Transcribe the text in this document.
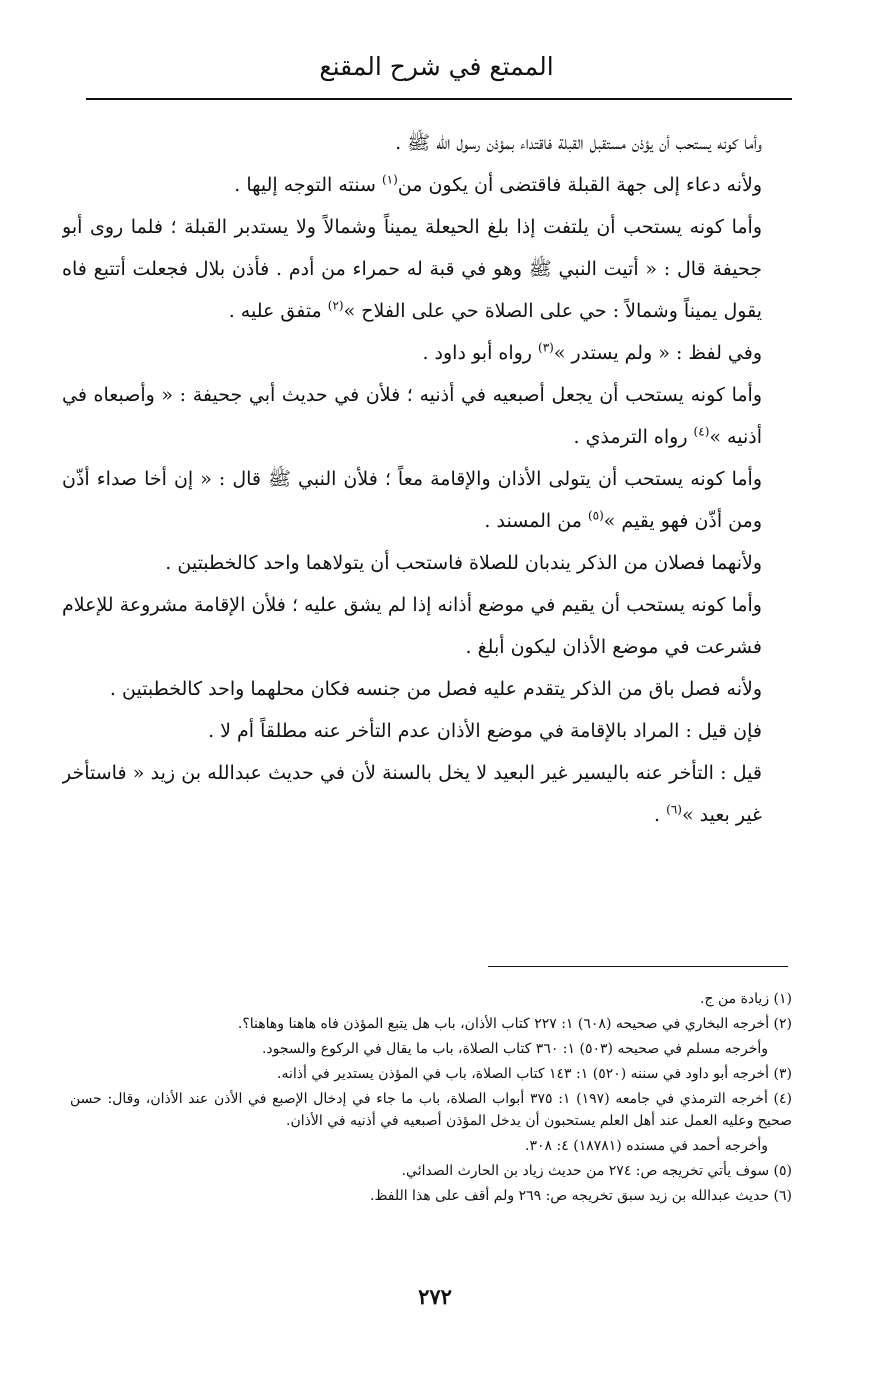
الممتع في شرح المقنع

وأما كونه يستحب أن يؤذن مستقبل القبلة فاقتداء بمؤذن رسول الله ﷺ .

ولأنه دعاء إلى جهة القبلة فاقتضى أن يكون من$^{(١)}$ سنته التوجه إليها .

وأما كونه يستحب أن يلتفت إذا بلغ الحيعلة يميناً وشمالاً ولا يستدبر القبلة ؛ فلما روى أبو جحيفة قال : « أتيت النبي ﷺ وهو في قبة له حمراء من أدم . فأذن بلال فجعلت أتتبع فاه يقول يميناً وشمالاً : حي على الصلاة حي على الفلاح »$^{(٢)}$ متفق عليه .

وفي لفظ : « ولم يستدر »$^{(٣)}$ رواه أبو داود .

وأما كونه يستحب أن يجعل أصبعيه في أذنيه ؛ فلأن في حديث أبي جحيفة : « وأصبعاه في أذنيه »$^{(٤)}$ رواه الترمذي .

وأما كونه يستحب أن يتولى الأذان والإقامة معاً ؛ فلأن النبي ﷺ قال : « إن أخا صداء أذّن ومن أذّن فهو يقيم »$^{(٥)}$ من المسند .

ولأنهما فصلان من الذكر يندبان للصلاة فاستحب أن يتولاهما واحد كالخطبتين .

وأما كونه يستحب أن يقيم في موضع أذانه إذا لم يشق عليه ؛ فلأن الإقامة مشروعة للإعلام فشرعت في موضع الأذان ليكون أبلغ .

ولأنه فصل باق من الذكر يتقدم عليه فصل من جنسه فكان محلهما واحد كالخطبتين .

فإن قيل : المراد بالإقامة في موضع الأذان عدم التأخر عنه مطلقاً أم لا .

قيل : التأخر عنه باليسير غير البعيد لا يخل بالسنة لأن في حديث عبدالله بن زيد « فاستأخر غير بعيد »$^{(٦)}$ .

(١) زيادة من ج.

(٢) أخرجه البخاري في صحيحه (٦٠٨) ١: ٢٢٧ كتاب الأذان، باب هل يتبع المؤذن فاه هاهنا وهاهنا؟.

وأخرجه مسلم في صحيحه (٥٠٣) ١: ٣٦٠ كتاب الصلاة، باب ما يقال في الركوع والسجود.

(٣) أخرجه أبو داود في سننه (٥٢٠) ١: ١٤٣ كتاب الصلاة، باب في المؤذن يستدير في أذانه.

(٤) أخرجه الترمذي في جامعه (١٩٧) ١: ٣٧٥ أبواب الصلاة، باب ما جاء في إدخال الإصبع في الأذن عند الأذان، وقال: حسن صحيح وعليه العمل عند أهل العلم يستحبون أن يدخل المؤذن أصبعيه في أذنيه في الأذان.

وأخرجه أحمد في مسنده (١٨٧٨١) ٤: ٣٠٨.

(٥) سوف يأتي تخريجه ص: ٢٧٤ من حديث زياد بن الحارث الصدائي.

(٦) حديث عبدالله بن زيد سبق تخريجه ص: ٢٦٩ ولم أقف على هذا اللفظ.

٢٧٢
